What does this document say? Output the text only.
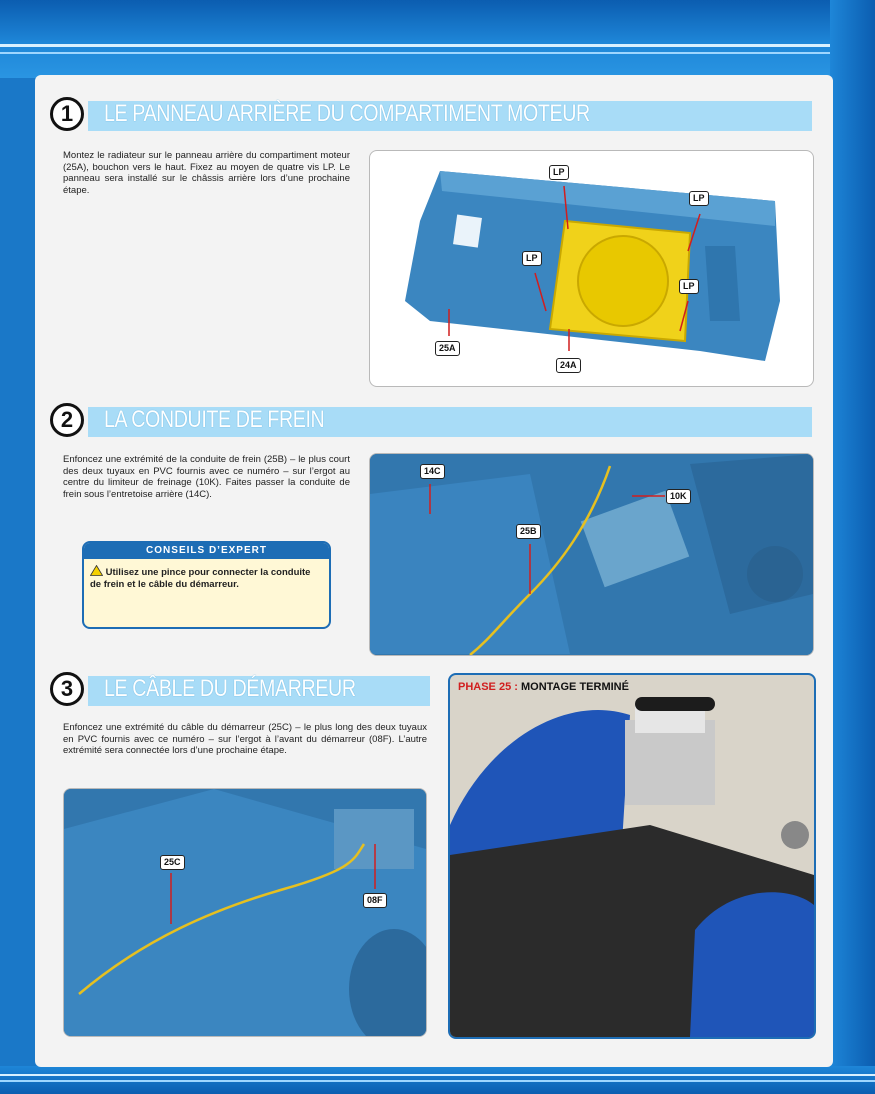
1	LE PANNEAU ARRIÈRE DU COMPARTIMENT MOTEUR
Montez le radiateur sur le panneau arrière du compartiment moteur (25A), bouchon vers le haut. Fixez au moyen de quatre vis LP. Le panneau sera installé sur le châssis arrière lors d’une prochaine étape.
LP
LP
LP
LP
25A
24A
2	LA CONDUITE DE FREIN
Enfoncez une extrémité de la conduite de frein (25B) – le plus court des deux tuyaux en PVC fournis avec ce numéro – sur l’ergot au centre du limiteur de freinage (10K). Faites passer la conduite de frein sous l’entretoise arrière (14C).
CONSEILS D’EXPERT
Utilisez une pince pour connecter la conduite de frein et le câble du démarreur.
14C
10K
25B
3	LE CÂBLE DU DÉMARREUR
Enfoncez une extrémité du câble du démarreur (25C) – le plus long des deux tuyaux en PVC fournis avec ce numéro – sur l’ergot à l’avant du démarreur (08F). L’autre extrémité sera connectée lors d’une prochaine étape.
25C
08F
PHASE 25 : MONTAGE TERMINÉ
